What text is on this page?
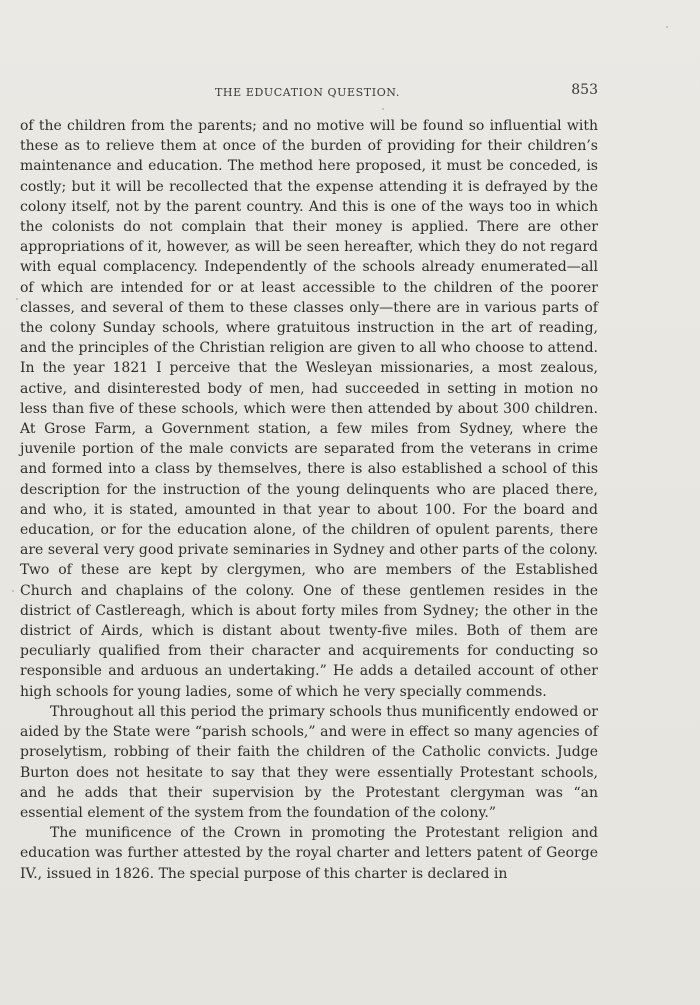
THE EDUCATION QUESTION.	853

of the children from the parents; and no motive will be found so influential with these as to relieve them at once of the burden of providing for their children’s maintenance and education. The method here proposed, it must be conceded, is costly; but it will be recollected that the expense attending it is defrayed by the colony itself, not by the parent country. And this is one of the ways too in which the colonists do not complain that their money is applied. There are other appropriations of it, however, as will be seen hereafter, which they do not regard with equal complacency. Independently of the schools already enumerated—all of which are intended for or at least accessible to the children of the poorer classes, and several of them to these classes only—there are in various parts of the colony Sunday schools, where gratuitous instruction in the art of reading, and the principles of the Christian religion are given to all who choose to attend. In the year 1821 I perceive that the Wesleyan missionaries, a most zealous, active, and disinterested body of men, had succeeded in setting in motion no less than five of these schools, which were then attended by about 300 children. At Grose Farm, a Government station, a few miles from Sydney, where the juvenile portion of the male convicts are separated from the veterans in crime and formed into a class by themselves, there is also established a school of this description for the instruction of the young delinquents who are placed there, and who, it is stated, amounted in that year to about 100. For the board and education, or for the education alone, of the children of opulent parents, there are several very good private seminaries in Sydney and other parts of the colony. Two of these are kept by clergymen, who are members of the Established Church and chaplains of the colony. One of these gentlemen resides in the district of Castlereagh, which is about forty miles from Sydney; the other in the district of Airds, which is distant about twenty-five miles. Both of them are peculiarly qualified from their character and acquirements for conducting so responsible and arduous an undertaking.” He adds a detailed account of other high schools for young ladies, some of which he very specially commends.

Throughout all this period the primary schools thus munificently endowed or aided by the State were “parish schools,” and were in effect so many agencies of proselytism, robbing of their faith the children of the Catholic convicts. Judge Burton does not hesitate to say that they were essentially Protestant schools, and he adds that their supervision by the Protestant clergyman was “an essential element of the system from the foundation of the colony.”

The munificence of the Crown in promoting the Protestant religion and education was further attested by the royal charter and letters patent of George IV., issued in 1826. The special purpose of this charter is declared in
